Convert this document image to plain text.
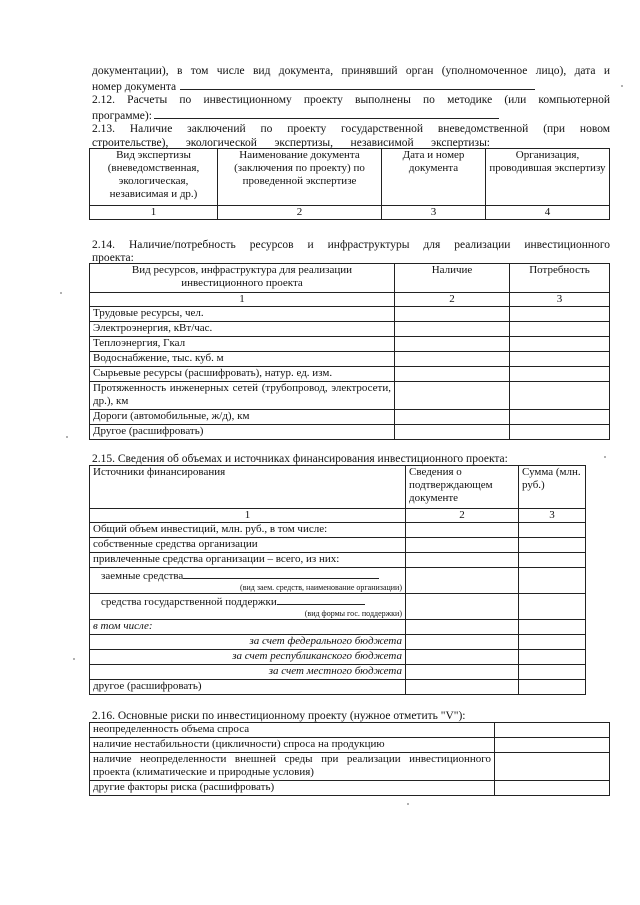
документации), в том числе вид документа, принявший орган (уполномоченное лицо), дата и
номер документа
2.12. Расчеты по инвестиционному проекту выполнены по методике (или компьютерной
программе):
2.13. Наличие заключений по проекту государственной вневедомственной (при новом
строительстве), экологической экспертизы, независимой экспертизы:
Вид экспертизы (вневедомственная, экологическая, независимая и др.)	Наименование документа (заключения по проекту) по проведенной экспертизе	Дата и номер документа	Организация, проводившая экспертизу
1	2	3	4
2.14. Наличие/потребность ресурсов и инфраструктуры для реализации инвестиционного
проекта:
Вид ресурсов, инфраструктура для реализации инвестиционного проекта	Наличие	Потребность
1	2	3
Трудовые ресурсы, чел.		
Электроэнергия, кВт/час.		
Теплоэнергия, Гкал		
Водоснабжение, тыс. куб. м		
Сырьевые ресурсы (расшифровать), натур. ед. изм.		
Протяженность инженерных сетей (трубопровод, электросети, др.), км		
Дороги (автомобильные, ж/д), км		
Другое (расшифровать)		
2.15. Сведения об объемах и источниках финансирования инвестиционного проекта:
Источники финансирования	Сведения о подтверждающем документе	Сумма (млн. руб.)
1	2	3
Общий объем инвестиций, млн. руб., в том числе:		
собственные средства организации		
привлеченные средства организации – всего, из них:		

заемные средства
(вид заем. средств, наименование организации)		

средства государственной поддержки
(вид формы гос. поддержки)		

в том числе:		
за счет федерального бюджета		
за счет республиканского бюджета		
за счет местного бюджета		
другое (расшифровать)		
2.16. Основные риски по инвестиционному проекту (нужное отметить "V"):
неопределенность объема спроса	
наличие нестабильности (цикличности) спроса на продукцию	
наличие неопределенности внешней среды при реализации инвестиционного проекта (климатические и природные условия)	
другие факторы риска (расшифровать)	
